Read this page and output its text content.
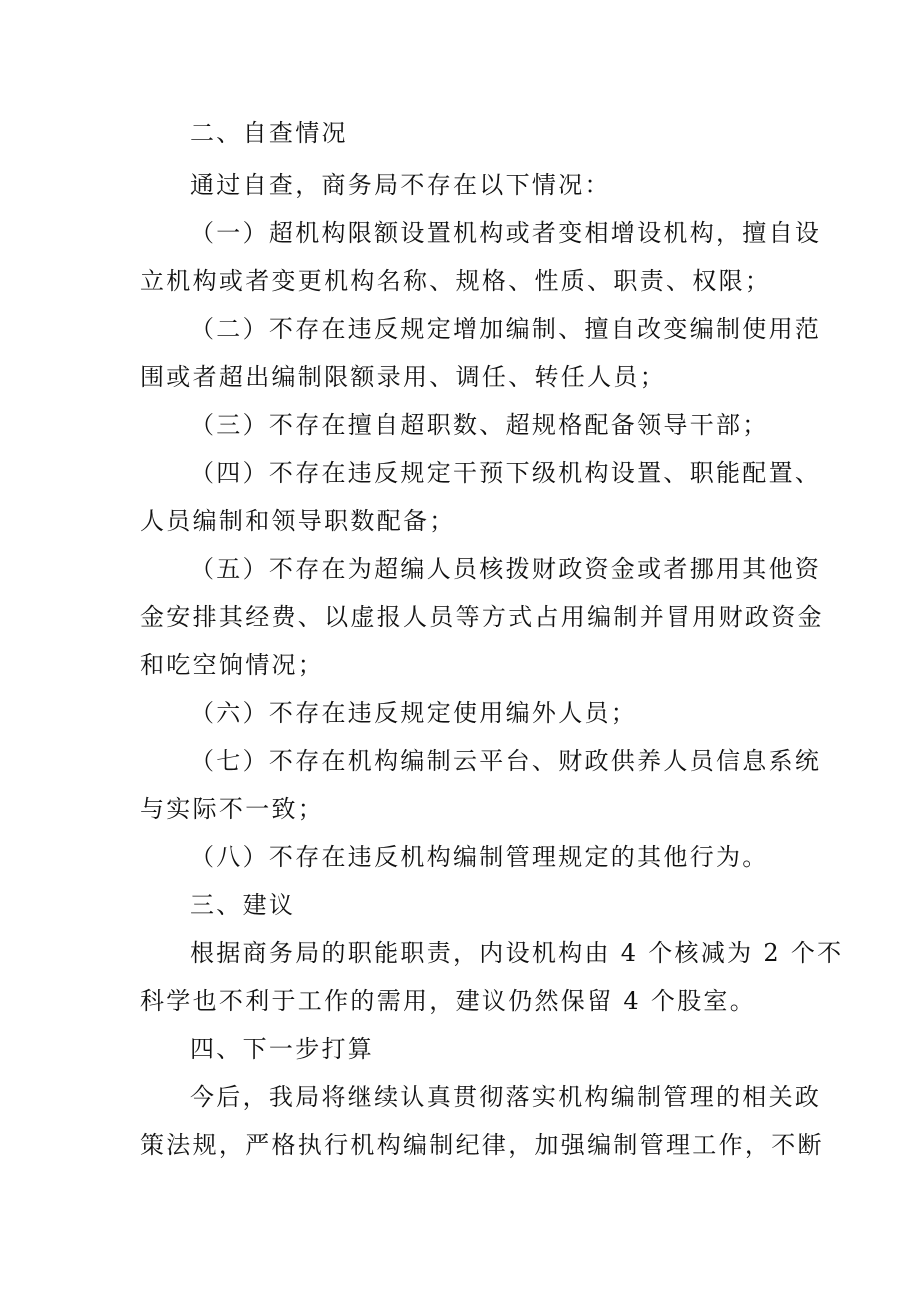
二、自查情况
通过自查，商务局不存在以下情况：
（一）超机构限额设置机构或者变相增设机构，擅自设
立机构或者变更机构名称、规格、性质、职责、权限；
（二）不存在违反规定增加编制、擅自改变编制使用范
围或者超出编制限额录用、调任、转任人员；
（三）不存在擅自超职数、超规格配备领导干部；
（四）不存在违反规定干预下级机构设置、职能配置、
人员编制和领导职数配备；
（五）不存在为超编人员核拨财政资金或者挪用其他资
金安排其经费、以虚报人员等方式占用编制并冒用财政资金
和吃空饷情况；
（六）不存在违反规定使用编外人员；
（七）不存在机构编制云平台、财政供养人员信息系统
与实际不一致；
（八）不存在违反机构编制管理规定的其他行为。
三、建议
根据商务局的职能职责，内设机构由 4 个核减为 2 个不
科学也不利于工作的需用，建议仍然保留 4 个股室。
四、下一步打算
今后，我局将继续认真贯彻落实机构编制管理的相关政
策法规，严格执行机构编制纪律，加强编制管理工作，不断
